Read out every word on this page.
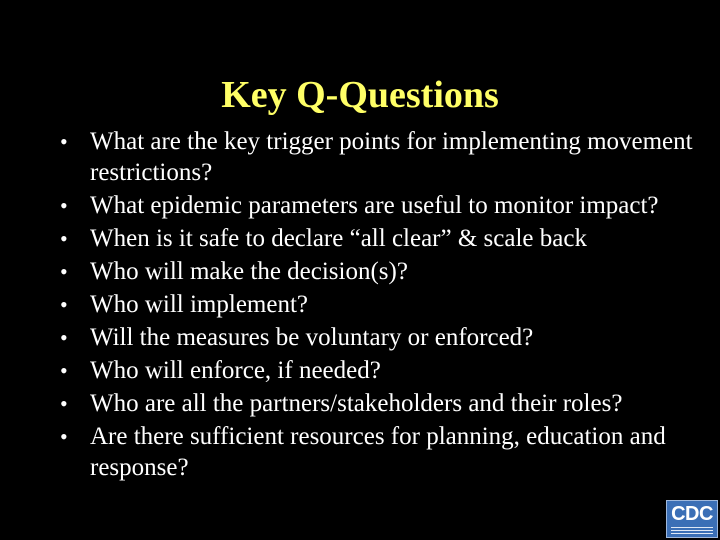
Key Q-Questions
• What are the key trigger points for implementing movement restrictions?
• What epidemic parameters are useful to monitor impact?
• When is it safe to declare “all clear” & scale back
• Who will make the decision(s)?
• Who will implement?
• Will the measures be voluntary or enforced?
• Who will enforce, if needed?
• Who are all the partners/stakeholders and their roles?
• Are there sufficient resources for planning, education and response?
CDC
